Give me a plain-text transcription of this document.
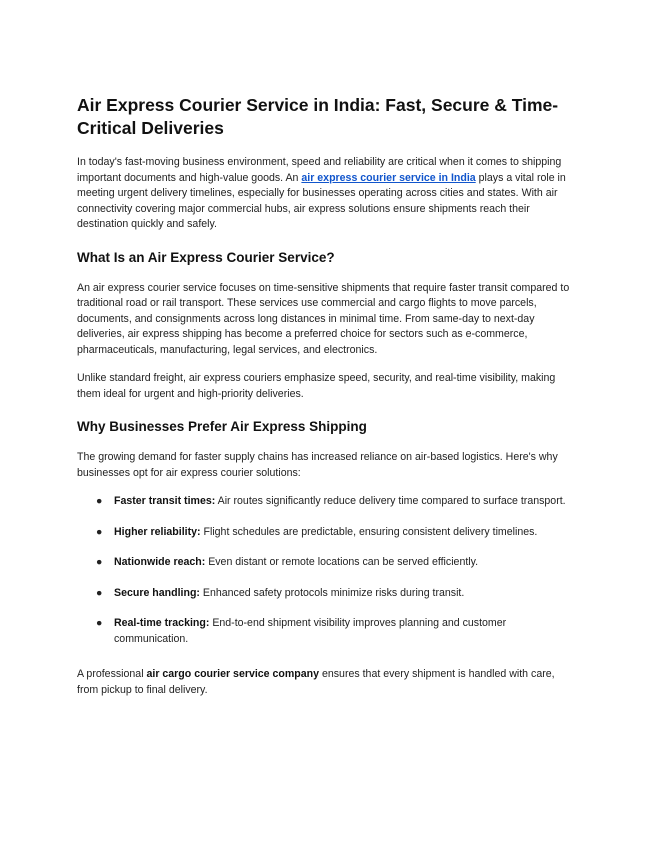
Air Express Courier Service in India: Fast, Secure & Time-Critical Deliveries

In today's fast-moving business environment, speed and reliability are critical when it comes to shipping important documents and high-value goods. An air express courier service in India plays a vital role in meeting urgent delivery timelines, especially for businesses operating across cities and states. With air connectivity covering major commercial hubs, air express solutions ensure shipments reach their destination quickly and safely.

What Is an Air Express Courier Service?

An air express courier service focuses on time-sensitive shipments that require faster transit compared to traditional road or rail transport. These services use commercial and cargo flights to move parcels, documents, and consignments across long distances in minimal time. From same-day to next-day deliveries, air express shipping has become a preferred choice for sectors such as e-commerce, pharmaceuticals, manufacturing, legal services, and electronics.

Unlike standard freight, air express couriers emphasize speed, security, and real-time visibility, making them ideal for urgent and high-priority deliveries.

Why Businesses Prefer Air Express Shipping

The growing demand for faster supply chains has increased reliance on air-based logistics. Here's why businesses opt for air express courier solutions:

● Faster transit times: Air routes significantly reduce delivery time compared to surface transport.
● Higher reliability: Flight schedules are predictable, ensuring consistent delivery timelines.
● Nationwide reach: Even distant or remote locations can be served efficiently.
● Secure handling: Enhanced safety protocols minimize risks during transit.
● Real-time tracking: End-to-end shipment visibility improves planning and customer communication.

A professional air cargo courier service company ensures that every shipment is handled with care, from pickup to final delivery.
